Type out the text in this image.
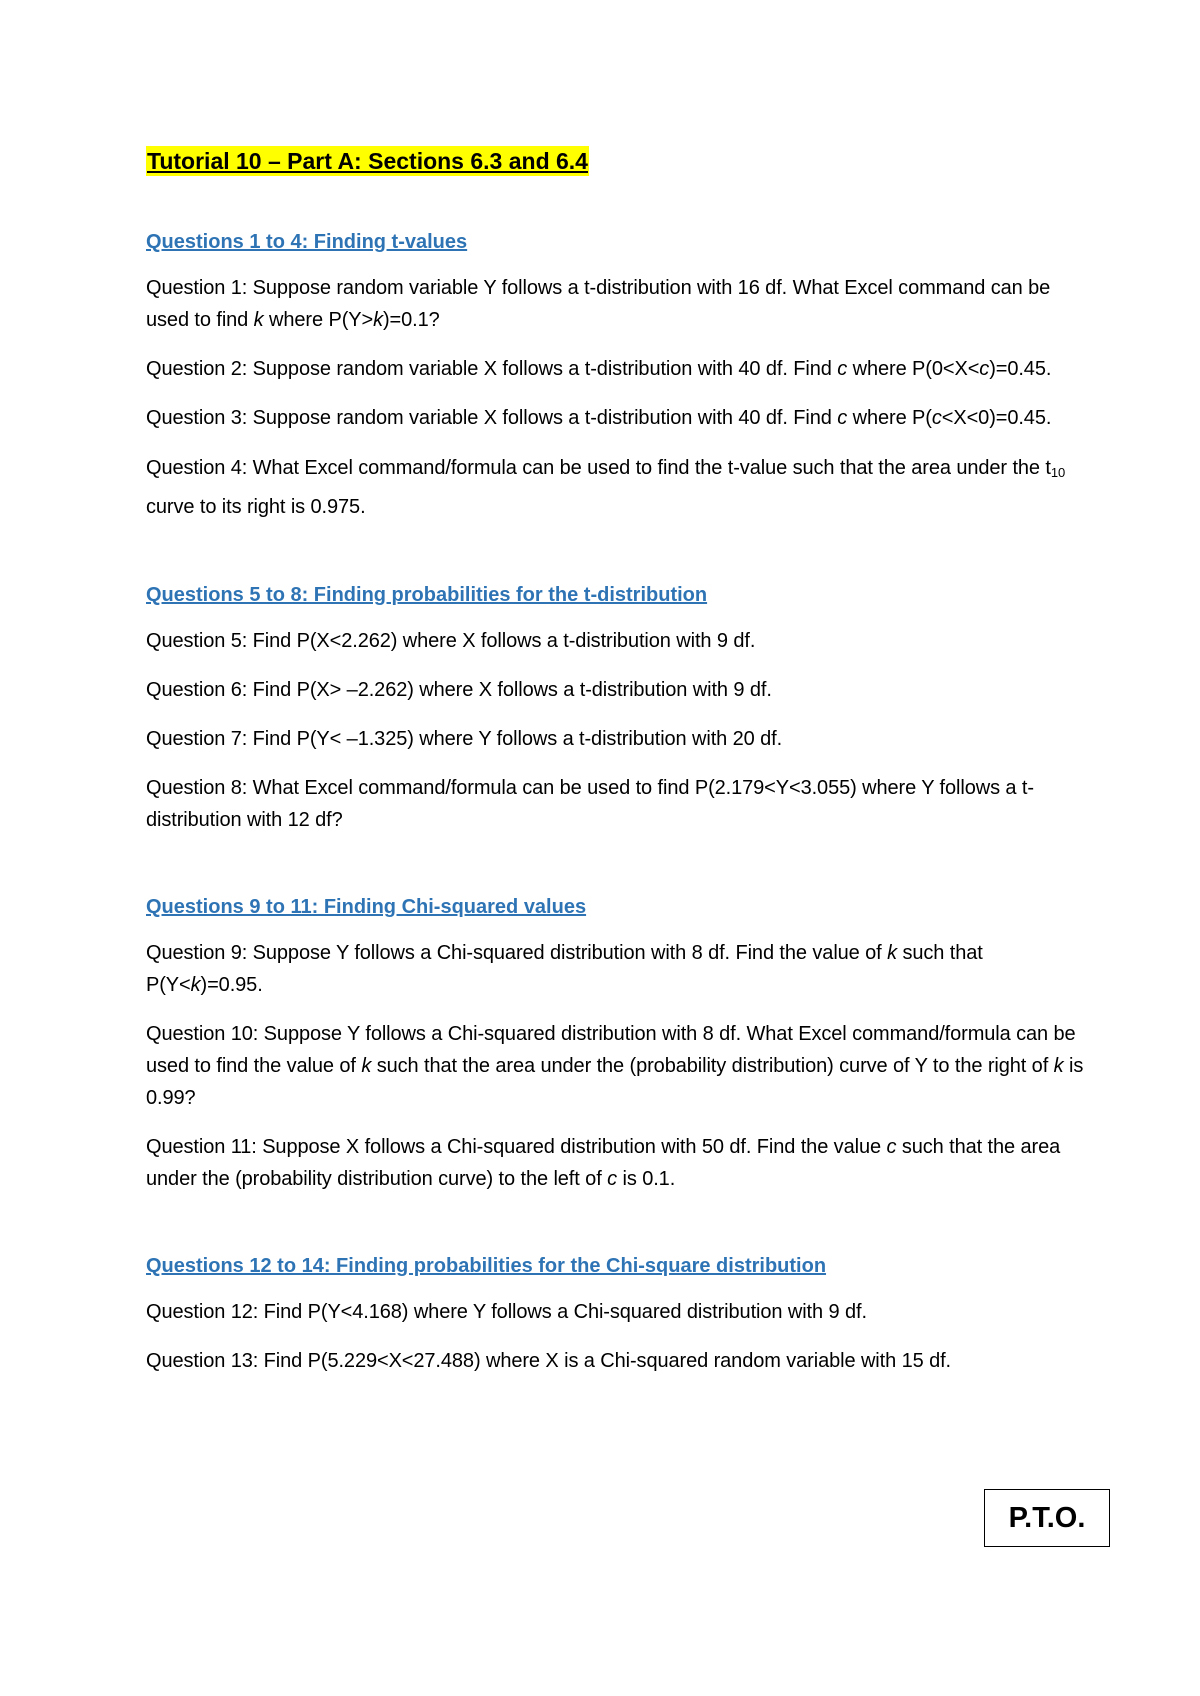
Tutorial 10 – Part A: Sections 6.3 and 6.4

Questions 1 to 4: Finding t-values

Question 1: Suppose random variable Y follows a t-distribution with 16 df. What Excel command can be used to find k where P(Y>k)=0.1?

Question 2: Suppose random variable X follows a t-distribution with 40 df. Find c where P(0<X<c)=0.45.

Question 3: Suppose random variable X follows a t-distribution with 40 df. Find c where P(c<X<0)=0.45.

Question 4: What Excel command/formula can be used to find the t-value such that the area under the $t_{10}$ curve to its right is 0.975.

Questions 5 to 8: Finding probabilities for the t-distribution

Question 5: Find P(X<2.262) where X follows a t-distribution with 9 df.

Question 6: Find P(X> –2.262) where X follows a t-distribution with 9 df.

Question 7: Find P(Y< –1.325) where Y follows a t-distribution with 20 df.

Question 8: What Excel command/formula can be used to find P(2.179<Y<3.055) where Y follows a t-distribution with 12 df?

Questions 9 to 11: Finding Chi-squared values

Question 9: Suppose Y follows a Chi-squared distribution with 8 df. Find the value of k such that P(Y<k)=0.95.

Question 10: Suppose Y follows a Chi-squared distribution with 8 df. What Excel command/formula can be used to find the value of k such that the area under the (probability distribution) curve of Y to the right of k is 0.99?

Question 11: Suppose X follows a Chi-squared distribution with 50 df. Find the value c such that the area under the (probability distribution curve) to the left of c is 0.1.

Questions 12 to 14: Finding probabilities for the Chi-square distribution

Question 12: Find P(Y<4.168) where Y follows a Chi-squared distribution with 9 df.

Question 13: Find P(5.229<X<27.488) where X is a Chi-squared random variable with 15 df.

P.T.O.
